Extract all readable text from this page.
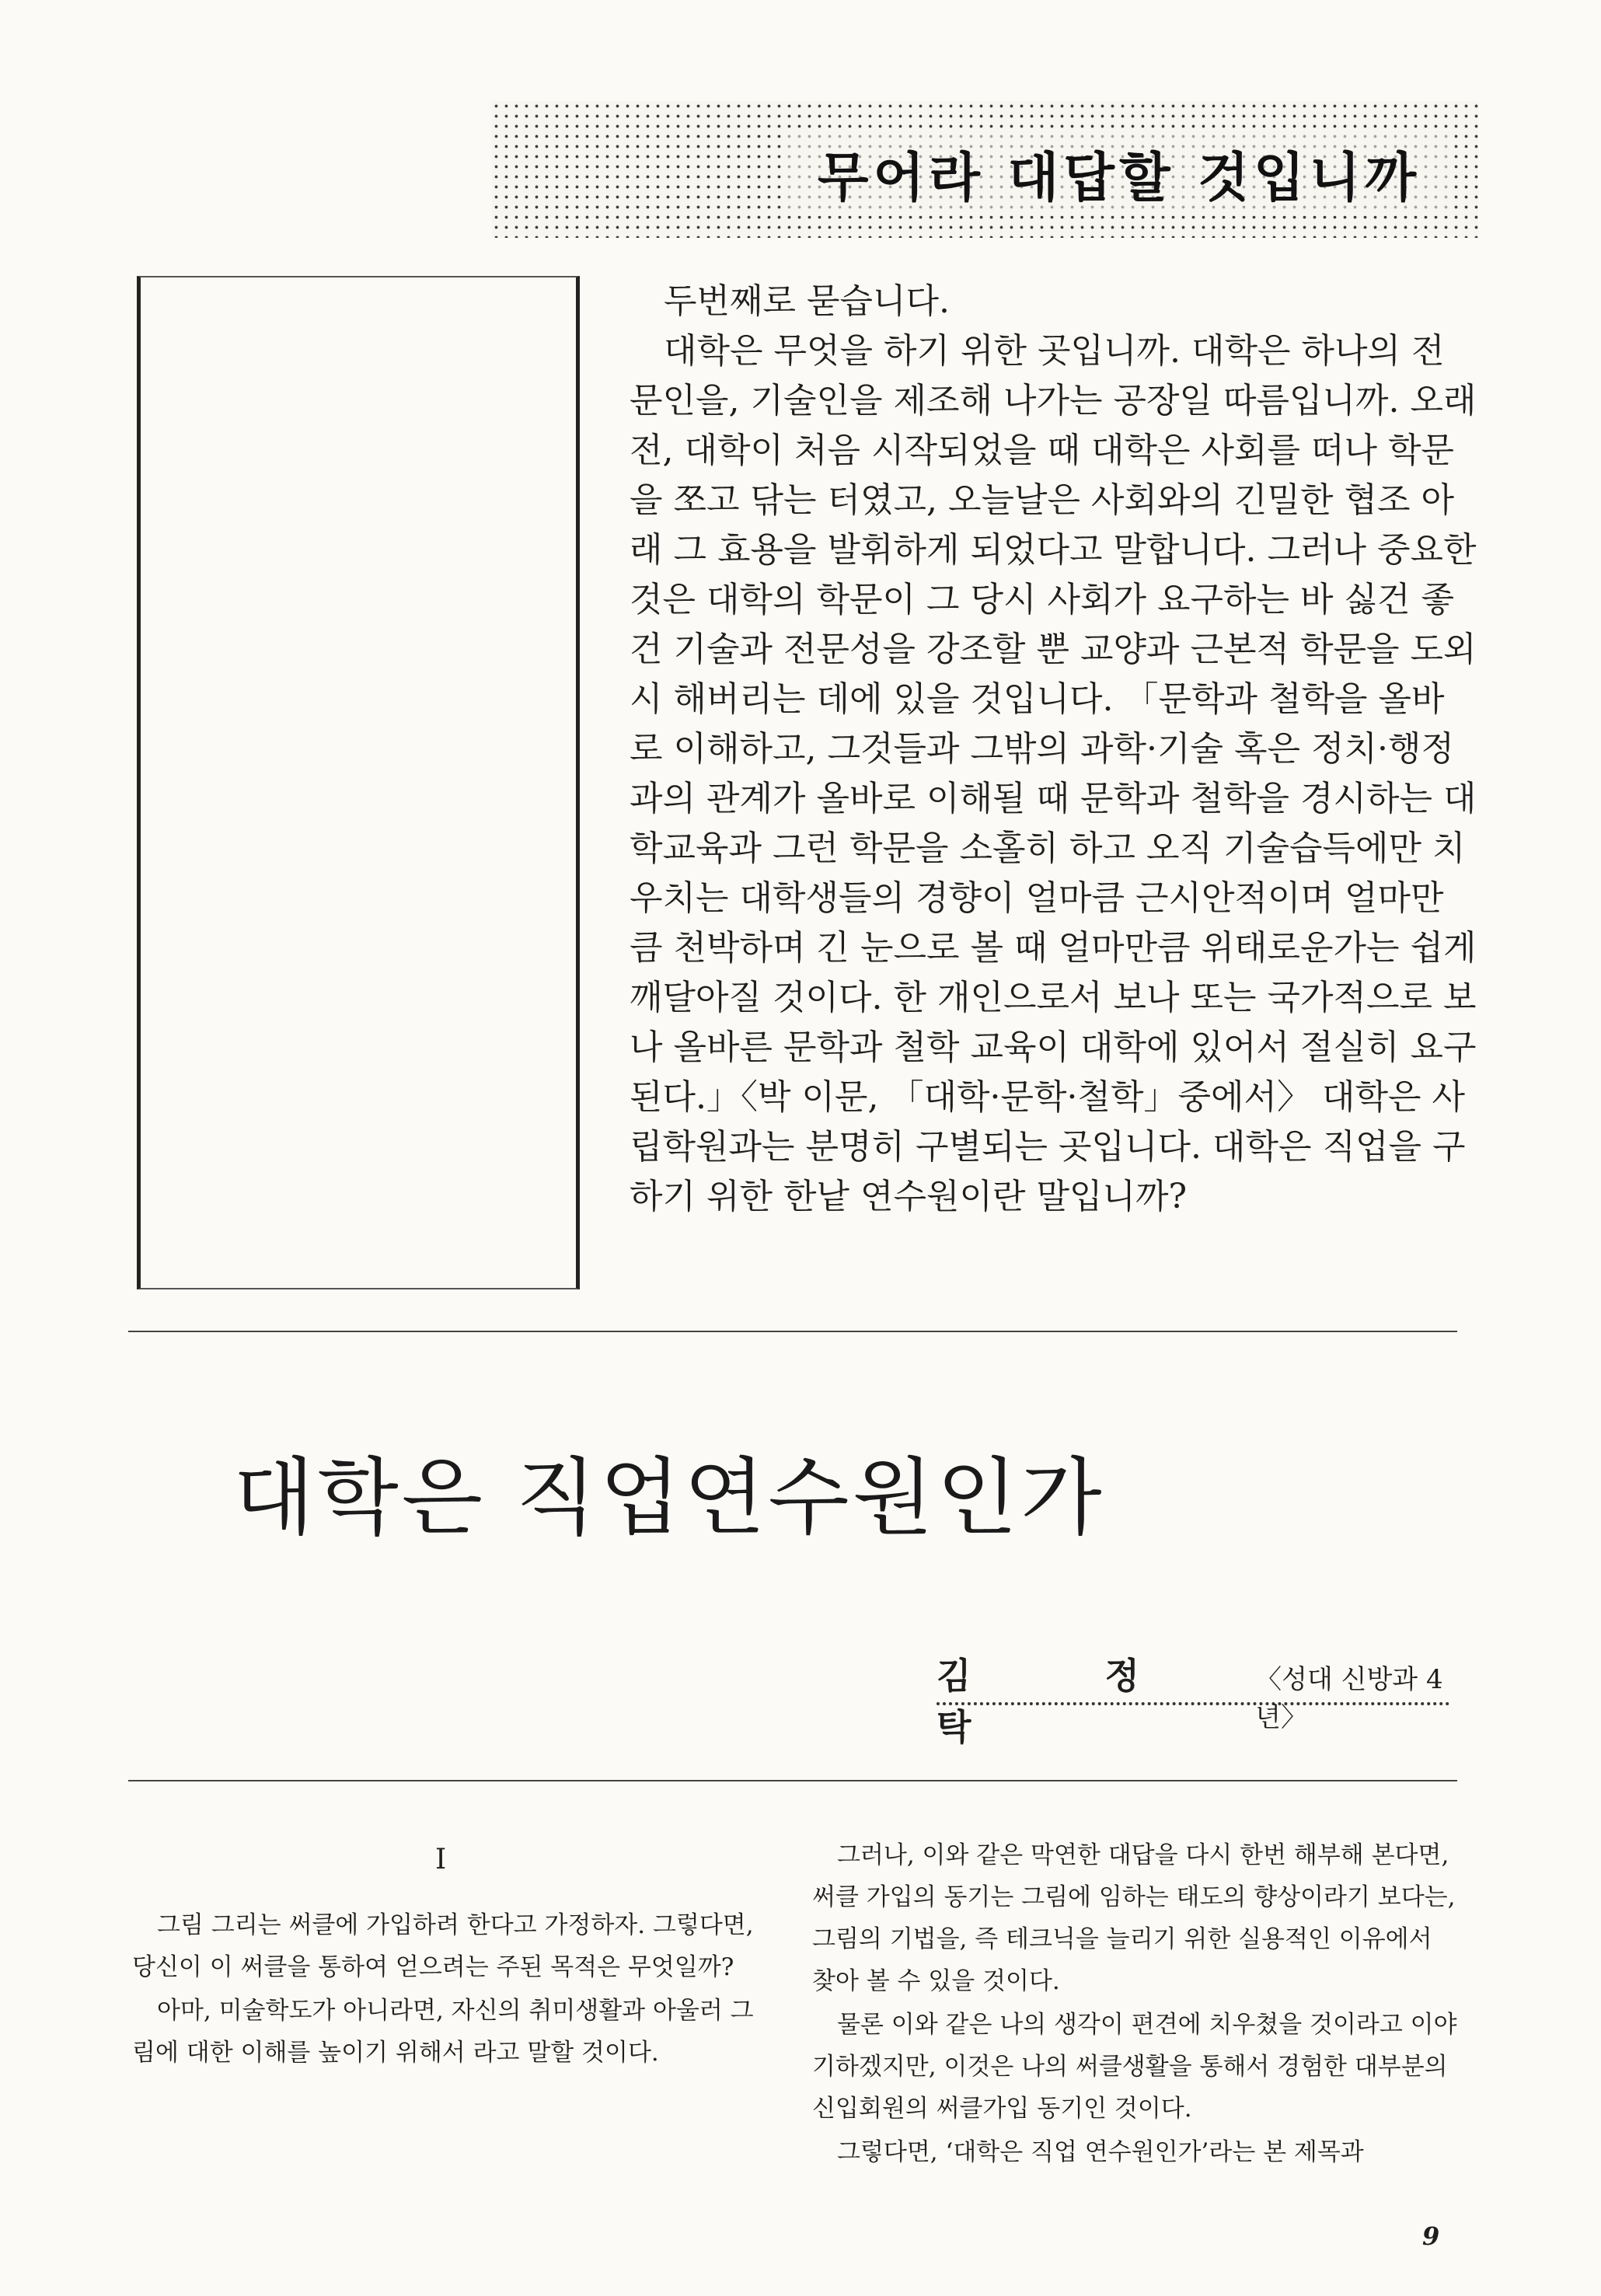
무어라 대답할 것입니까

두번째로 묻습니다.

대학은 무엇을 하기 위한 곳입니까. 대학은 하나의 전문인을, 기술인을 제조해 나가는 공장일 따름입니까. 오래 전, 대학이 처음 시작되었을 때 대학은 사회를 떠나 학문을 쪼고 닦는 터였고, 오늘날은 사회와의 긴밀한 협조 아래 그 효용을 발휘하게 되었다고 말합니다. 그러나 중요한 것은 대학의 학문이 그 당시 사회가 요구하는 바 싫건 좋건 기술과 전문성을 강조할 뿐 교양과 근본적 학문을 도외시 해버리는 데에 있을 것입니다. 「문학과 철학을 올바로 이해하고, 그것들과 그밖의 과학·기술 혹은 정치·행정과의 관계가 올바로 이해될 때 문학과 철학을 경시하는 대학교육과 그런 학문을 소홀히 하고 오직 기술습득에만 치우치는 대학생들의 경향이 얼마큼 근시안적이며 얼마만큼 천박하며 긴 눈으로 볼 때 얼마만큼 위태로운가는 쉽게 깨달아질 것이다. 한 개인으로서 보나 또는 국가적으로 보나 올바른 문학과 철학 교육이 대학에 있어서 절실히 요구된다.」〈박 이문, 「대학·문학·철학」중에서〉 대학은 사립학원과는 분명히 구별되는 곳입니다. 대학은 직업을 구하기 위한 한낱 연수원이란 말입니까?

대학은 직업연수원인가
김 정 탁
〈성대 신방과 4년〉
I

그림 그리는 써클에 가입하려 한다고 가정하자. 그렇다면, 당신이 이 써클을 통하여 얻으려는 주된 목적은 무엇일까?

아마, 미술학도가 아니라면, 자신의 취미생활과 아울러 그림에 대한 이해를 높이기 위해서 라고 말할 것이다.

그러나, 이와 같은 막연한 대답을 다시 한번 해부해 본다면, 써클 가입의 동기는 그림에 임하는 태도의 향상이라기 보다는, 그림의 기법을, 즉 테크닉을 늘리기 위한 실용적인 이유에서 찾아 볼 수 있을 것이다.

물론 이와 같은 나의 생각이 편견에 치우쳤을 것이라고 이야기하겠지만, 이것은 나의 써클생활을 통해서 경험한 대부분의 신입회원의 써클가입 동기인 것이다.

그렇다면, ‘대학은 직업 연수원인가’라는 본 제목과

9
